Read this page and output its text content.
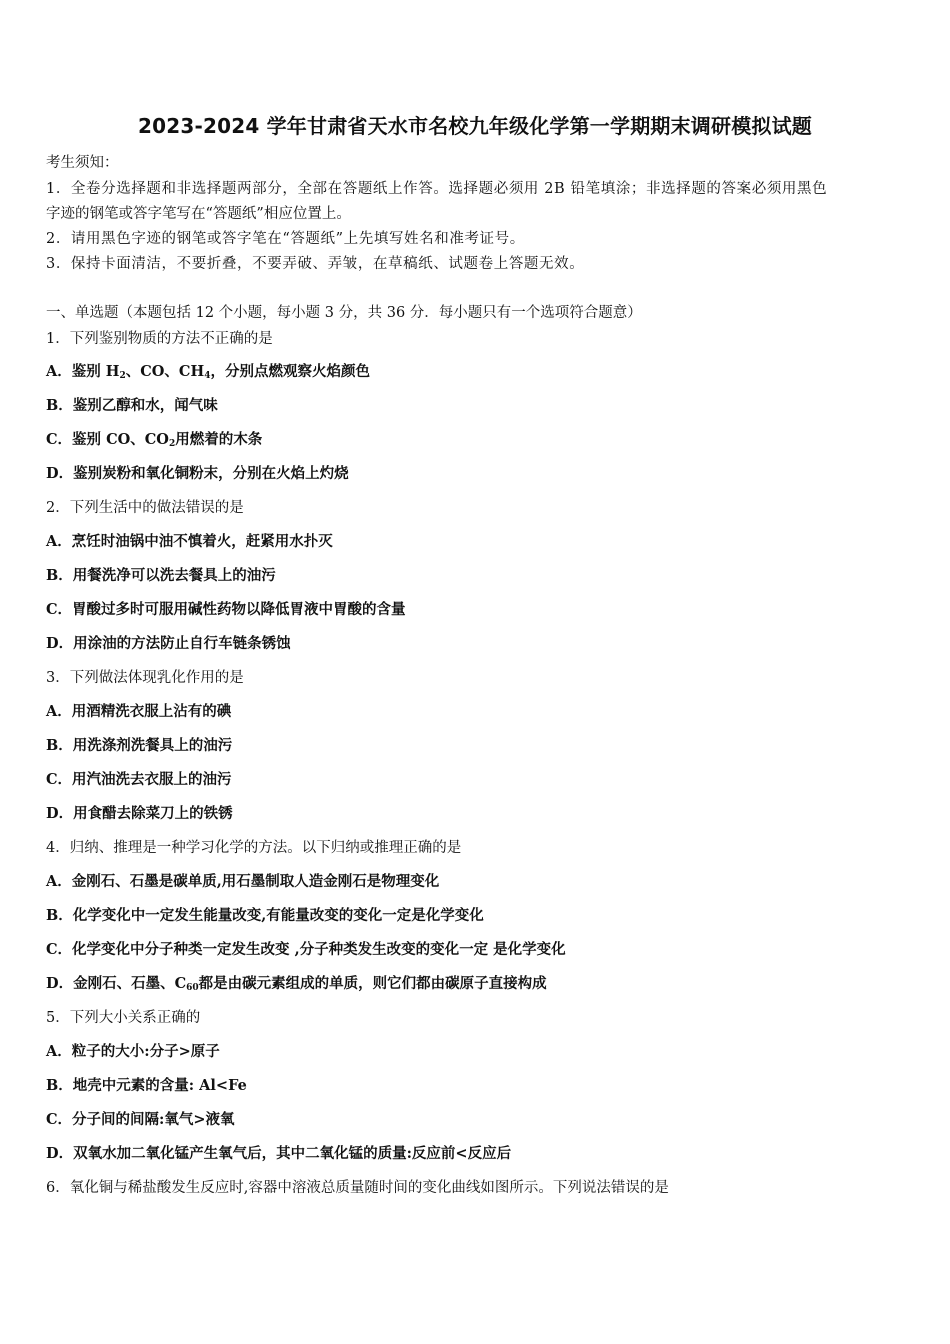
2023-2024 学年甘肃省天水市名校九年级化学第一学期期末调研模拟试题
考生须知：
1．全卷分选择题和非选择题两部分，全部在答题纸上作答。选择题必须用 2B 铅笔填涂；非选择题的答案必须用黑色
字迹的钢笔或答字笔写在“答题纸”相应位置上。
2．请用黑色字迹的钢笔或答字笔在“答题纸”上先填写姓名和准考证号。
3．保持卡面清洁，不要折叠，不要弄破、弄皱，在草稿纸、试题卷上答题无效。
一、单选题（本题包括 12 个小题，每小题 3 分，共 36 分．每小题只有一个选项符合题意）
1．下列鉴别物质的方法不正确的是
A．鉴别 $H_2$、CO、$CH_4$，分别点燃观察火焰颜色
B．鉴别乙醇和水，闻气味
C．鉴别 CO、$CO_2$用燃着的木条
D．鉴别炭粉和氧化铜粉末，分别在火焰上灼烧
2．下列生活中的做法错误的是
A．烹饪时油锅中油不慎着火，赶紧用水扑灭
B．用餐洗净可以洗去餐具上的油污
C．胃酸过多时可服用碱性药物以降低胃液中胃酸的含量
D．用涂油的方法防止自行车链条锈蚀
3．下列做法体现乳化作用的是
A．用酒精洗衣服上沾有的碘
B．用洗涤剂洗餐具上的油污
C．用汽油洗去衣服上的油污
D．用食醋去除菜刀上的铁锈
4．归纳、推理是一种学习化学的方法。以下归纳或推理正确的是
A．金刚石、石墨是碳单质,用石墨制取人造金刚石是物理变化
B．化学变化中一定发生能量改变,有能量改变的变化一定是化学变化
C．化学变化中分子种类一定发生改变 ,分子种类发生改变的变化一定 是化学变化
D．金刚石、石墨、$C_{60}$都是由碳元素组成的单质，则它们都由碳原子直接构成
5．下列大小关系正确的
A．粒子的大小:分子>原子
B．地壳中元素的含量: Al<Fe
C．分子间的间隔:氧气>液氧
D．双氧水加二氧化锰产生氧气后，其中二氧化锰的质量:反应前<反应后
6．氧化铜与稀盐酸发生反应时,容器中溶液总质量随时间的变化曲线如图所示。下列说法错误的是
